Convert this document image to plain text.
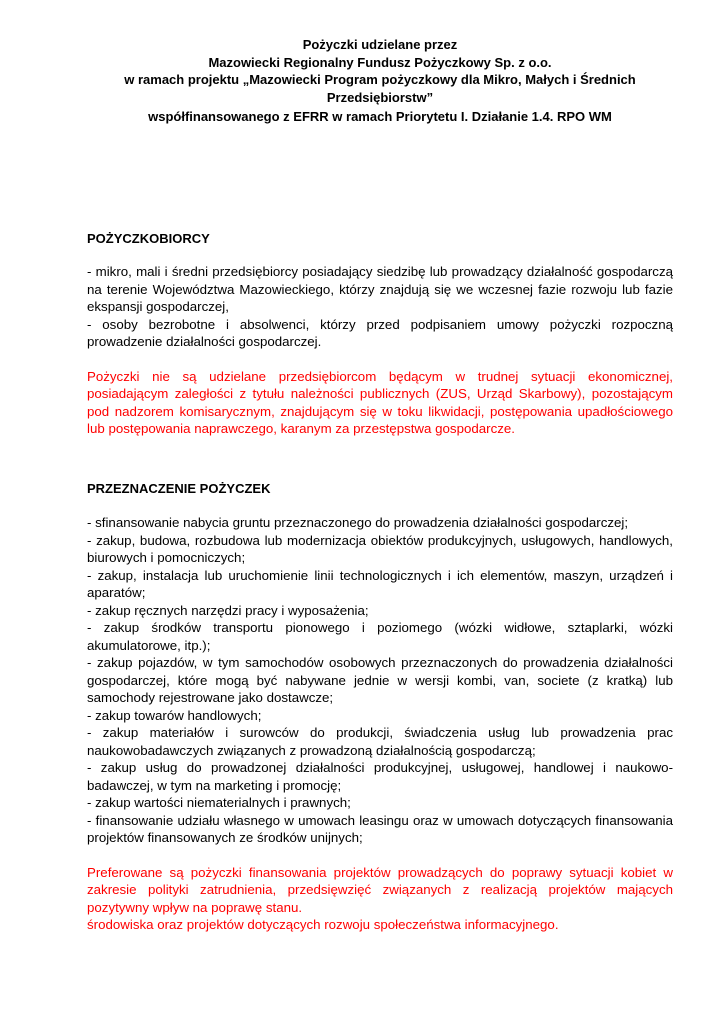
Pożyczki udzielane przez
Mazowiecki Regionalny Fundusz Pożyczkowy Sp. z o.o.
w ramach projektu „Mazowiecki Program pożyczkowy dla Mikro, Małych i Średnich
Przedsiębiorstw”
współfinansowanego z EFRR w ramach Priorytetu I. Działanie 1.4. RPO WM
POŻYCZKOBIORCY

- mikro, mali i średni przedsiębiorcy posiadający siedzibę lub prowadzący działalność gospodarczą na terenie Województwa Mazowieckiego, którzy znajdują się we wczesnej fazie rozwoju lub fazie ekspansji gospodarczej,

- osoby bezrobotne i absolwenci, którzy przed podpisaniem umowy pożyczki rozpoczną prowadzenie działalności gospodarczej.

Pożyczki nie są udzielane przedsiębiorcom będącym w trudnej sytuacji ekonomicznej, posiadającym zaległości z tytułu należności publicznych (ZUS, Urząd Skarbowy), pozostającym pod nadzorem komisarycznym, znajdującym się w toku likwidacji, postępowania upadłościowego lub postępowania naprawczego, karanym za przestępstwa gospodarcze.

PRZEZNACZENIE POŻYCZEK

- sfinansowanie nabycia gruntu przeznaczonego do prowadzenia działalności gospodarczej;

- zakup, budowa, rozbudowa lub modernizacja obiektów produkcyjnych, usługowych, handlowych, biurowych i pomocniczych;

- zakup, instalacja lub uruchomienie linii technologicznych i ich elementów, maszyn, urządzeń i aparatów;

- zakup ręcznych narzędzi pracy i wyposażenia;

- zakup środków transportu pionowego i poziomego (wózki widłowe, sztaplarki, wózki akumulatorowe, itp.);

- zakup pojazdów, w tym samochodów osobowych przeznaczonych do prowadzenia działalności gospodarczej, które mogą być nabywane jednie w wersji kombi, van, societe (z kratką) lub samochody rejestrowane jako dostawcze;

- zakup towarów handlowych;

- zakup materiałów i surowców do produkcji, świadczenia usług lub prowadzenia prac naukowobadawczych związanych z prowadzoną działalnością gospodarczą;

- zakup usług do prowadzonej działalności produkcyjnej, usługowej, handlowej i naukowo-badawczej, w tym na marketing i promocję;

- zakup wartości niematerialnych i prawnych;

- finansowanie udziału własnego w umowach leasingu oraz w umowach dotyczących finansowania projektów finansowanych ze środków unijnych;

Preferowane są pożyczki finansowania projektów prowadzących do poprawy sytuacji kobiet w zakresie polityki zatrudnienia, przedsięwzięć związanych z realizacją projektów mających pozytywny wpływ na poprawę stanu.

środowiska oraz projektów dotyczących rozwoju społeczeństwa informacyjnego.
